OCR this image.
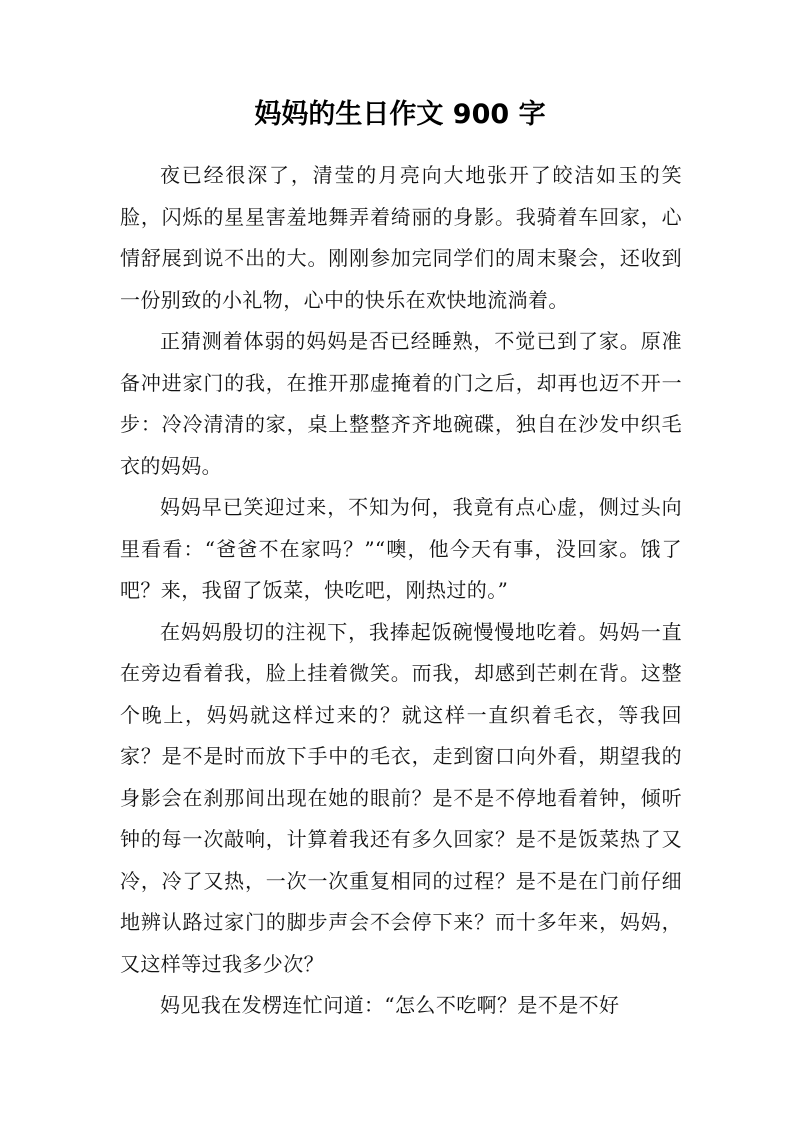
妈妈的生日作文 900 字

夜已经很深了，清莹的月亮向大地张开了皎洁如玉的笑脸，闪烁的星星害羞地舞弄着绮丽的身影。我骑着车回家，心情舒展到说不出的大。刚刚参加完同学们的周末聚会，还收到一份别致的小礼物，心中的快乐在欢快地流淌着。

正猜测着体弱的妈妈是否已经睡熟，不觉已到了家。原准备冲进家门的我，在推开那虚掩着的门之后，却再也迈不开一步：冷冷清清的家，桌上整整齐齐地碗碟，独自在沙发中织毛衣的妈妈。

妈妈早已笑迎过来，不知为何，我竟有点心虚，侧过头向里看看：“爸爸不在家吗？”“噢，他今天有事，没回家。饿了吧？来，我留了饭菜，快吃吧，刚热过的。”

在妈妈殷切的注视下，我捧起饭碗慢慢地吃着。妈妈一直在旁边看着我，脸上挂着微笑。而我，却感到芒刺在背。这整个晚上，妈妈就这样过来的？就这样一直织着毛衣，等我回家？是不是时而放下手中的毛衣，走到窗口向外看，期望我的身影会在刹那间出现在她的眼前？是不是不停地看着钟，倾听钟的每一次敲响，计算着我还有多久回家？是不是饭菜热了又冷，冷了又热，一次一次重复相同的过程？是不是在门前仔细地辨认路过家门的脚步声会不会停下来？而十多年来，妈妈，又这样等过我多少次？

妈见我在发楞连忙问道：“怎么不吃啊？是不是不好
